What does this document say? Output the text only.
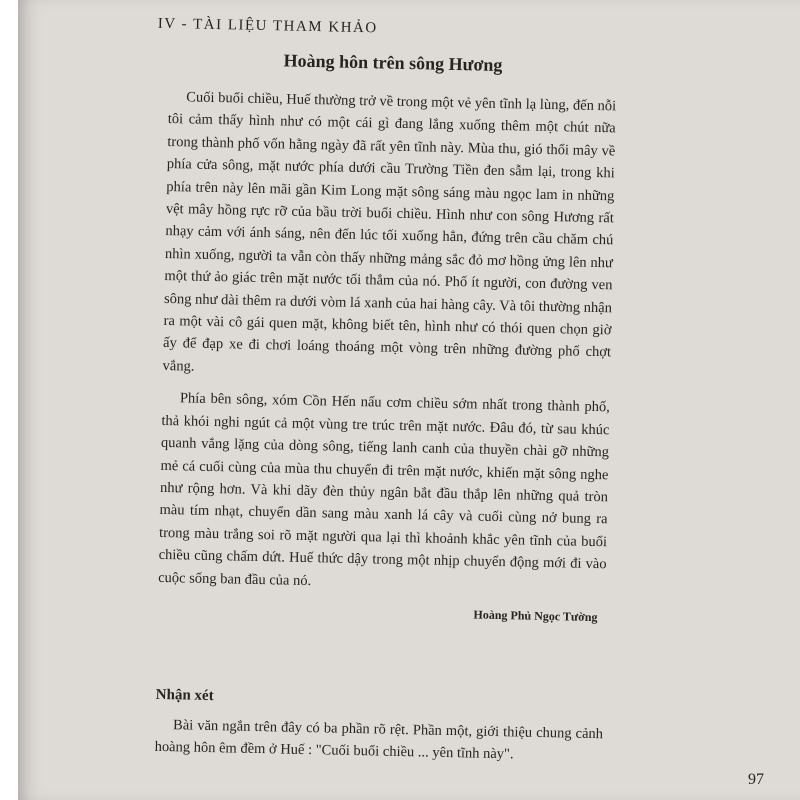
IV - TÀI LIỆU THAM KHẢO
Hoàng hôn trên sông Hương

Cuối buổi chiều, Huế thường trở về trong một vẻ yên tĩnh lạ lùng, đến nỗi tôi cảm thấy hình như có một cái gì đang lắng xuống thêm một chút nữa trong thành phố vốn hằng ngày đã rất yên tĩnh này. Mùa thu, gió thổi mây về phía cửa sông, mặt nước phía dưới cầu Trường Tiền đen sẫm lại, trong khi phía trên này lên mãi gần Kim Long mặt sông sáng màu ngọc lam in những vệt mây hồng rực rỡ của bầu trời buổi chiều. Hình như con sông Hương rất nhạy cảm với ánh sáng, nên đến lúc tối xuống hẳn, đứng trên cầu chăm chú nhìn xuống, người ta vẫn còn thấy những mảng sắc đỏ mơ hồng ửng lên như một thứ ảo giác trên mặt nước tối thẳm của nó. Phố ít người, con đường ven sông như dài thêm ra dưới vòm lá xanh của hai hàng cây. Và tôi thường nhận ra một vài cô gái quen mặt, không biết tên, hình như có thói quen chọn giờ ấy để đạp xe đi chơi loáng thoáng một vòng trên những đường phố chợt vắng.

Phía bên sông, xóm Cồn Hến nấu cơm chiều sớm nhất trong thành phố, thả khói nghi ngút cả một vùng tre trúc trên mặt nước. Đâu đó, từ sau khúc quanh vắng lặng của dòng sông, tiếng lanh canh của thuyền chài gỡ những mẻ cá cuối cùng của mùa thu chuyển đi trên mặt nước, khiến mặt sông nghe như rộng hơn. Và khi dãy đèn thủy ngân bắt đầu thắp lên những quả tròn màu tím nhạt, chuyển dần sang màu xanh lá cây và cuối cùng nở bung ra trong màu trắng soi rõ mặt người qua lại thì khoảnh khắc yên tĩnh của buổi chiều cũng chấm dứt. Huế thức dậy trong một nhịp chuyển động mới đi vào cuộc sống ban đầu của nó.

Hoàng Phủ Ngọc Tường
Nhận xét

Bài văn ngắn trên đây có ba phần rõ rệt. Phần một, giới thiệu chung cảnh hoàng hôn êm đềm ở Huế : "Cuối buổi chiều ... yên tĩnh này".

97
